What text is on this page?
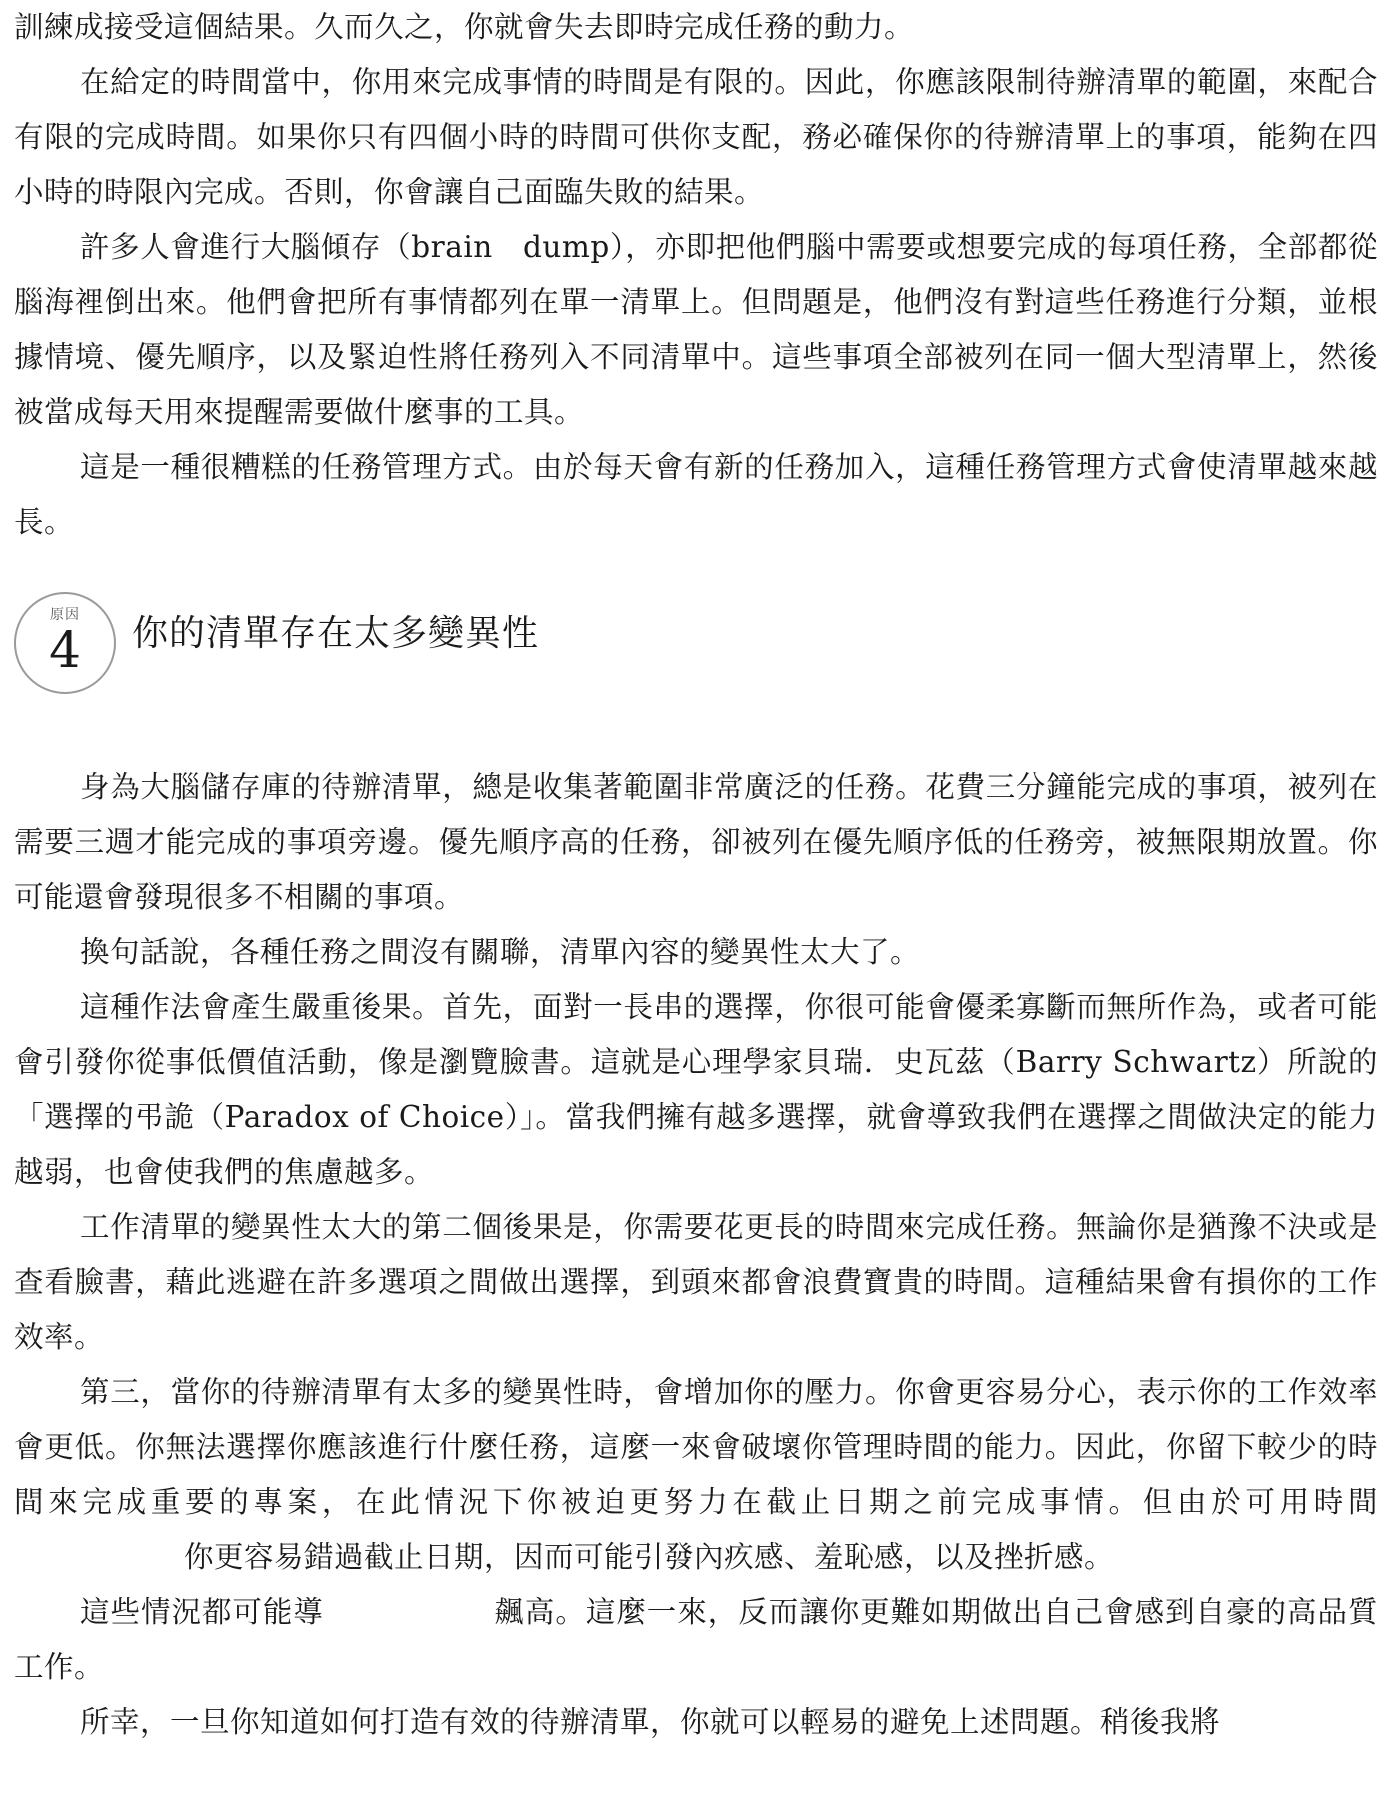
訓練成接受這個結果。久而久之，你就會失去即時完成任務的動力。

在給定的時間當中，你用來完成事情的時間是有限的。因此，你應該限制待辦清單的範圍，來配合有限的完成時間。如果你只有四個小時的時間可供你支配，務必確保你的待辦清單上的事項，能夠在四小時的時限內完成。否則，你會讓自己面臨失敗的結果。

許多人會進行大腦傾存（brain　dump），亦即把他們腦中需要或想要完成的每項任務，全部都從腦海裡倒出來。他們會把所有事情都列在單一清單上。但問題是，他們沒有對這些任務進行分類，並根據情境、優先順序，以及緊迫性將任務列入不同清單中。這些事項全部被列在同一個大型清單上，然後被當成每天用來提醒需要做什麼事的工具。

這是一種很糟糕的任務管理方式。由於每天會有新的任務加入，這種任務管理方式會使清單越來越長。

原因
4	你的清單存在太多變異性

身為大腦儲存庫的待辦清單，總是收集著範圍非常廣泛的任務。花費三分鐘能完成的事項，被列在需要三週才能完成的事項旁邊。優先順序高的任務，卻被列在優先順序低的任務旁，被無限期放置。你可能還會發現很多不相關的事項。

換句話說，各種任務之間沒有關聯，清單內容的變異性太大了。

這種作法會產生嚴重後果。首先，面對一長串的選擇，你很可能會優柔寡斷而無所作為，或者可能會引發你從事低價值活動，像是瀏覽臉書。這就是心理學家貝瑞．史瓦茲（Barry Schwartz）所說的「選擇的弔詭（Paradox of Choice）」。當我們擁有越多選擇，就會導致我們在選擇之間做決定的能力越弱，也會使我們的焦慮越多。

工作清單的變異性太大的第二個後果是，你需要花更長的時間來完成任務。無論你是猶豫不決或是查看臉書，藉此逃避在許多選項之間做出選擇，到頭來都會浪費寶貴的時間。這種結果會有損你的工作效率。

第三，當你的待辦清單有太多的變異性時，會增加你的壓力。你會更容易分心，表示你的工作效率會更低。你無法選擇你應該進行什麼任務，這麼一來會破壞你管理時間的能力。因此，你留下較少的時間來完成重要的專案，在此情況下你被迫更努力在截止日期之前完成事情。但由於可用時間你更容易錯過截止日期，因而可能引發內疚感、羞恥感，以及挫折感。

這些情況都可能導	飆高。這麼一來，反而讓你更難如期做出自己會感到自豪的高品質工作。

所幸，一旦你知道如何打造有效的待辦清單，你就可以輕易的避免上述問題。稍後我將
